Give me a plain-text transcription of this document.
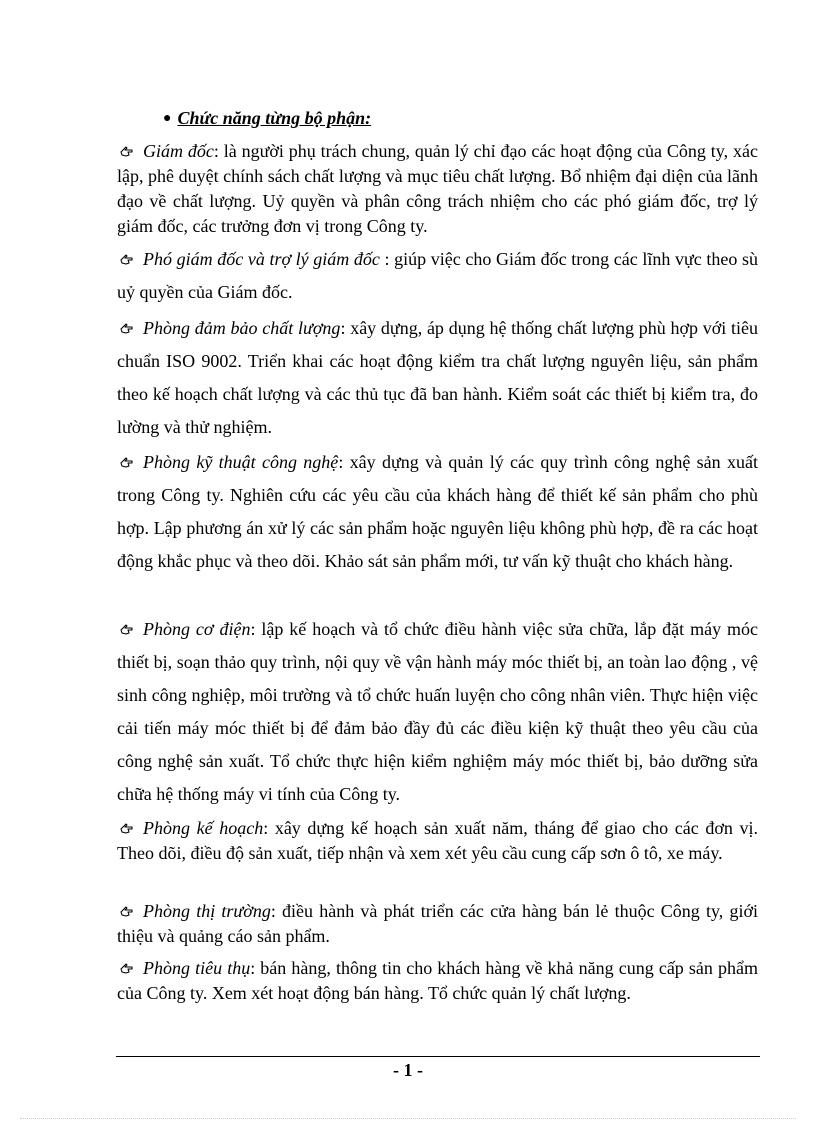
● Chức năng từng bộ phận:

Giám đốc: là người phụ trách chung, quản lý chỉ đạo các hoạt động của Công ty, xác lập, phê duyệt chính sách chất lượng và mục tiêu chất lượng. Bổ nhiệm đại diện của lãnh đạo về chất lượng. Uỷ quyền và phân công trách nhiệm cho các phó giám đốc, trợ lý giám đốc, các trưởng đơn vị trong Công ty.

Phó giám đốc và trợ lý giám đốc : giúp việc cho Giám đốc trong các lĩnh vực theo sù uỷ quyền của Giám đốc.

Phòng đảm bảo chất lượng: xây dựng, áp dụng hệ thống chất lượng phù hợp với tiêu chuẩn ISO 9002. Triển khai các hoạt động kiểm tra chất lượng nguyên liệu, sản phẩm theo kế hoạch chất lượng và các thủ tục đã ban hành. Kiểm soát các thiết bị kiểm tra, đo lường và thử nghiệm.

Phòng kỹ thuật công nghệ: xây dựng và quản lý các quy trình công nghệ sản xuất trong Công ty. Nghiên cứu các yêu cầu của khách hàng để thiết kế sản phẩm cho phù hợp. Lập phương án xử lý các sản phẩm hoặc nguyên liệu không phù hợp, đề ra các hoạt động khắc phục và theo dõi. Khảo sát sản phẩm mới, tư vấn kỹ thuật cho khách hàng.

Phòng cơ điện: lập kế hoạch và tổ chức điều hành việc sửa chữa, lắp đặt máy móc thiết bị, soạn thảo quy trình, nội quy về vận hành máy móc thiết bị, an toàn lao động , vệ sinh công nghiệp, môi trường và tổ chức huấn luyện cho công nhân viên. Thực hiện việc cải tiến máy móc thiết bị để đảm bảo đầy đủ các điều kiện kỹ thuật theo yêu cầu của công nghệ sản xuất. Tổ chức thực hiện kiểm nghiệm máy móc thiết bị, bảo dưỡng sửa chữa hệ thống máy vi tính của Công ty.

Phòng kế hoạch: xây dựng kế hoạch sản xuất năm, tháng để giao cho các đơn vị. Theo dõi, điều độ sản xuất, tiếp nhận và xem xét yêu cầu cung cấp sơn ô tô, xe máy.

Phòng thị trường: điều hành và phát triển các cửa hàng bán lẻ thuộc Công ty, giới thiệu và quảng cáo sản phẩm.

Phòng tiêu thụ: bán hàng, thông tin cho khách hàng về khả năng cung cấp sản phẩm của Công ty. Xem xét hoạt động bán hàng. Tổ chức quản lý chất lượng.

- 1 -
